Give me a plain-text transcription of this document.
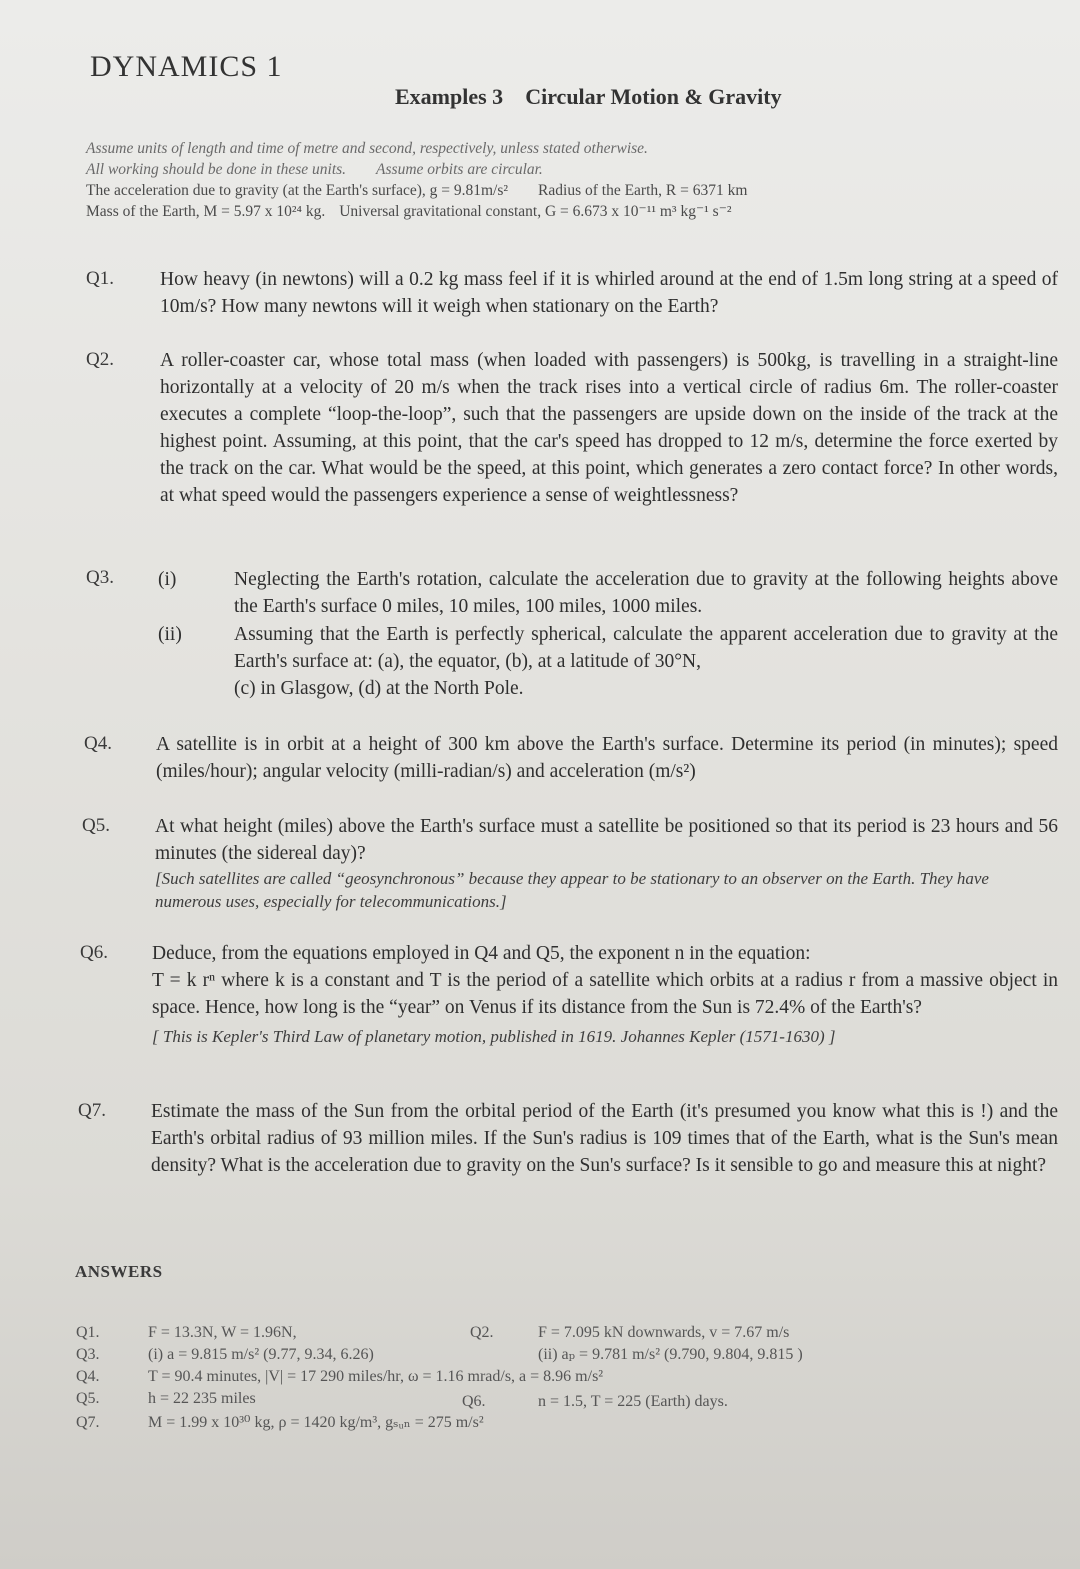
DYNAMICS 1
Examples 3 Circular Motion & Gravity
Assume units of length and time of metre and second, respectively, unless stated otherwise.
All working should be done in these units. Assume orbits are circular.
The acceleration due to gravity (at the Earth's surface), g = 9.81m/s² Radius of the Earth, R = 6371 km
Mass of the Earth, M = 5.97 x 10²⁴ kg. Universal gravitational constant, G = 6.673 x 10⁻¹¹ m³ kg⁻¹ s⁻²
Q1. How heavy (in newtons) will a 0.2 kg mass feel if it is whirled around at the end of 1.5m long string at a speed of 10m/s? How many newtons will it weigh when stationary on the Earth?
Q2. A roller-coaster car, whose total mass (when loaded with passengers) is 500kg, is travelling in a straight-line horizontally at a velocity of 20 m/s when the track rises into a vertical circle of radius 6m. The roller-coaster executes a complete “loop-the-loop”, such that the passengers are upside down on the inside of the track at the highest point. Assuming, at this point, that the car's speed has dropped to 12 m/s, determine the force exerted by the track on the car. What would be the speed, at this point, which generates a zero contact force? In other words, at what speed would the passengers experience a sense of weightlessness?
Q3. (i)	Neglecting the Earth's rotation, calculate the acceleration due to gravity at the following heights above the Earth's surface 0 miles, 10 miles, 100 miles, 1000 miles.
(ii)	Assuming that the Earth is perfectly spherical, calculate the apparent acceleration due to gravity at the Earth's surface at: (a), the equator, (b), at a latitude of 30°N,
(c) in Glasgow, (d) at the North Pole.
Q4. A satellite is in orbit at a height of 300 km above the Earth's surface. Determine its period (in minutes); speed (miles/hour); angular velocity (milli-radian/s) and acceleration (m/s²)
Q5. At what height (miles) above the Earth's surface must a satellite be positioned so that its period is 23 hours and 56 minutes (the sidereal day)?
[Such satellites are called “geosynchronous” because they appear to be stationary to an observer on the Earth. They have numerous uses, especially for telecommunications.]
Q6. Deduce, from the equations employed in Q4 and Q5, the exponent n in the equation:
T = k rⁿ where k is a constant and T is the period of a satellite which orbits at a radius r from a massive object in space. Hence, how long is the “year” on Venus if its distance from the Sun is 72.4% of the Earth's?
[ This is Kepler's Third Law of planetary motion, published in 1619. Johannes Kepler (1571-1630) ]
Q7. Estimate the mass of the Sun from the orbital period of the Earth (it's presumed you know what this is !) and the Earth's orbital radius of 93 million miles. If the Sun's radius is 109 times that of the Earth, what is the Sun's mean density? What is the acceleration due to gravity on the Sun's surface? Is it sensible to go and measure this at night?
ANSWERS
Q1.	F = 13.3N, W = 1.96N,	Q2.	F = 7.095 kN downwards, v = 7.67 m/s
Q3.	(i) a = 9.815 m/s² (9.77, 9.34, 6.26)	(ii) aₚ = 9.781 m/s² (9.790, 9.804, 9.815 )
Q4.	T = 90.4 minutes, |V| = 17 290 miles/hr, ω = 1.16 mrad/s, a = 8.96 m/s²
Q5.	h = 22 235 miles	Q6.	n = 1.5, T = 225 (Earth) days.
Q7.	M = 1.99 x 10³⁰ kg, ρ = 1420 kg/m³, gₛᵤₙ = 275 m/s²
